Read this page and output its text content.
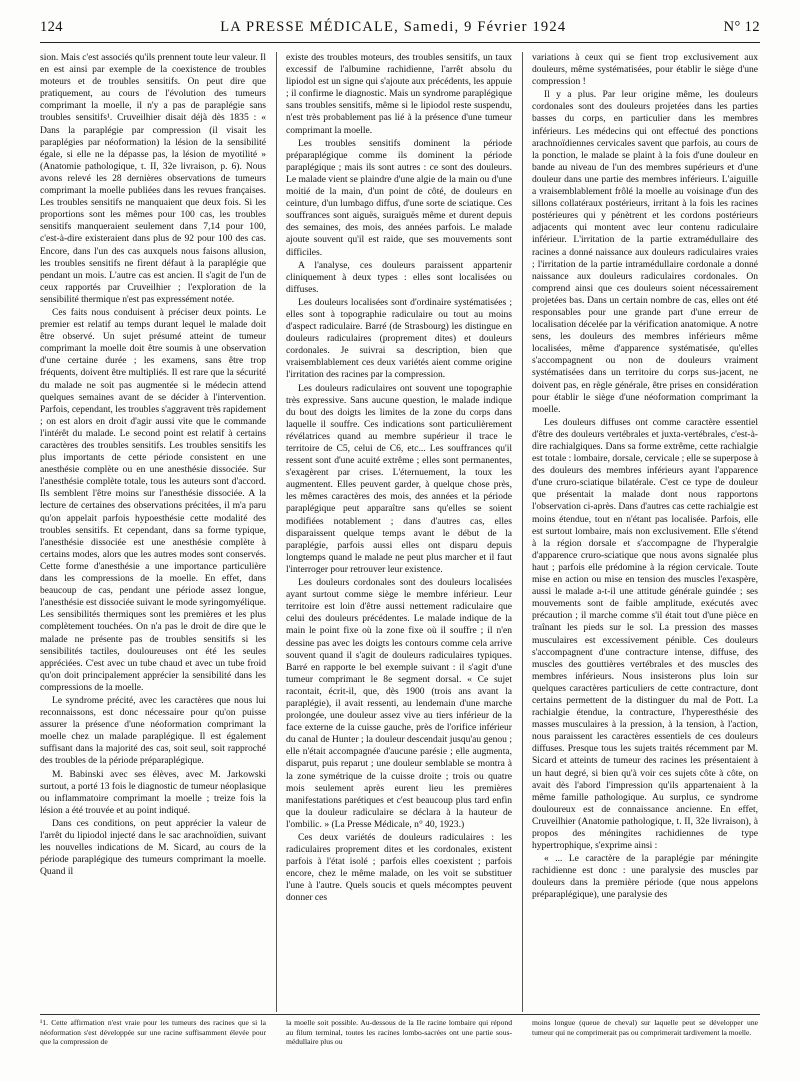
124	LA PRESSE MÉDICALE, Samedi, 9 Février 1924	N° 12

sion. Mais c'est associés qu'ils prennent toute leur valeur. Il en est ainsi par exemple de la coexistence de troubles moteurs et de troubles sensitifs. On peut dire que pratiquement, au cours de l'évolution des tumeurs comprimant la moelle, il n'y a pas de paraplégie sans troubles sensitifs¹. Cruveilhier disait déjà dès 1835 : « Dans la paraplégie par compression (il visait les paraplégies par néoformation) la lésion de la sensibilité égale, si elle ne la dépasse pas, la lésion de myotilité » (Anatomie pathologique, t. II, 32e livraison, p. 6). Nous avons relevé les 28 dernières observations de tumeurs comprimant la moelle publiées dans les revues françaises. Les troubles sensitifs ne manquaient que deux fois. Si les proportions sont les mêmes pour 100 cas, les troubles sensitifs manqueraient seulement dans 7,14 pour 100, c'est-à-dire existeraient dans plus de 92 pour 100 des cas. Encore, dans l'un des cas auxquels nous faisons allusion, les troubles sensitifs ne firent défaut à la paraplégie que pendant un mois. L'autre cas est ancien. Il s'agit de l'un de ceux rapportés par Cruveilhier ; l'exploration de la sensibilité thermique n'est pas expressément notée.

Ces faits nous conduisent à préciser deux points. Le premier est relatif au temps durant lequel le malade doit être observé. Un sujet présumé atteint de tumeur comprimant la moelle doit être soumis à une observation d'une certaine durée ; les examens, sans être trop fréquents, doivent être multipliés. Il est rare que la sécurité du malade ne soit pas augmentée si le médecin attend quelques semaines avant de se décider à l'intervention. Parfois, cependant, les troubles s'aggravent très rapidement ; on est alors en droit d'agir aussi vite que le commande l'intérêt du malade. Le second point est relatif à certains caractères des troubles sensitifs. Les troubles sensitifs les plus importants de cette période consistent en une anesthésie complète ou en une anesthésie dissociée. Sur l'anesthésie complète totale, tous les auteurs sont d'accord. Ils semblent l'être moins sur l'anesthésie dissociée. A la lecture de certaines des observations précitées, il m'a paru qu'on appelait parfois hypoesthésie cette modalité des troubles sensitifs. Et cependant, dans sa forme typique, l'anesthésie dissociée est une anesthésie complète à certains modes, alors que les autres modes sont conservés. Cette forme d'anesthésie a une importance particulière dans les compressions de la moelle. En effet, dans beaucoup de cas, pendant une période assez longue, l'anesthésie est dissociée suivant le mode syringomyélique. Les sensibilités thermiques sont les premières et les plus complètement touchées. On n'a pas le droit de dire que le malade ne présente pas de troubles sensitifs si les sensibilités tactiles, douloureuses ont été les seules appréciées. C'est avec un tube chaud et avec un tube froid qu'on doit principalement apprécier la sensibilité dans les compressions de la moelle.

Le syndrome précité, avec les caractères que nous lui reconnaissons, est donc nécessaire pour qu'on puisse assurer la présence d'une néoformation comprimant la moelle chez un malade paraplégique. Il est également suffisant dans la majorité des cas, soit seul, soit rapproché des troubles de la période préparaplégique.

M. Babinski avec ses élèves, avec M. Jarkowski surtout, a porté 13 fois le diagnostic de tumeur néoplasique ou inflammatoire comprimant la moelle ; treize fois la lésion a été trouvée et au point indiqué.

Dans ces conditions, on peut apprécier la valeur de l'arrêt du lipiodol injecté dans le sac arachnoïdien, suivant les nouvelles indications de M. Sicard, au cours de la période paraplégique des tumeurs comprimant la moelle. Quand il

existe des troubles moteurs, des troubles sensitifs, un taux excessif de l'albumine rachidienne, l'arrêt absolu du lipiodol est un signe qui s'ajoute aux précédents, les appuie ; il confirme le diagnostic. Mais un syndrome paraplégique sans troubles sensitifs, même si le lipiodol reste suspendu, n'est très probablement pas lié à la présence d'une tumeur comprimant la moelle.

Les troubles sensitifs dominent la période préparaplégique comme ils dominent la période paraplégique ; mais ils sont autres : ce sont des douleurs. Le malade vient se plaindre d'une algie de la main ou d'une moitié de la main, d'un point de côté, de douleurs en ceinture, d'un lumbago diffus, d'une sorte de sciatique. Ces souffrances sont aiguës, suraiguës même et durent depuis des semaines, des mois, des années parfois. Le malade ajoute souvent qu'il est raide, que ses mouvements sont difficiles.

A l'analyse, ces douleurs paraissent appartenir cliniquement à deux types : elles sont localisées ou diffuses.

Les douleurs localisées sont d'ordinaire systématisées ; elles sont à topographie radiculaire ou tout au moins d'aspect radiculaire. Barré (de Strasbourg) les distingue en douleurs radiculaires (proprement dites) et douleurs cordonales. Je suivrai sa description, bien que vraisemblablement ces deux variétés aient comme origine l'irritation des racines par la compression.

Les douleurs radiculaires ont souvent une topographie très expressive. Sans aucune question, le malade indique du bout des doigts les limites de la zone du corps dans laquelle il souffre. Ces indications sont particulièrement révélatrices quand au membre supérieur il trace le territoire de C5, celui de C6, etc... Les souffrances qu'il ressent sont d'une acuité extrême ; elles sont permanentes, s'exagèrent par crises. L'éternuement, la toux les augmentent. Elles peuvent garder, à quelque chose près, les mêmes caractères des mois, des années et la période paraplégique peut apparaître sans qu'elles se soient modifiées notablement ; dans d'autres cas, elles disparaissent quelque temps avant le début de la paraplégie, parfois aussi elles ont disparu depuis longtemps quand le malade ne peut plus marcher et il faut l'interroger pour retrouver leur existence.

Les douleurs cordonales sont des douleurs localisées ayant surtout comme siège le membre inférieur. Leur territoire est loin d'être aussi nettement radiculaire que celui des douleurs précédentes. Le malade indique de la main le point fixe où la zone fixe où il souffre ; il n'en dessine pas avec les doigts les contours comme cela arrive souvent quand il s'agit de douleurs radiculaires typiques. Barré en rapporte le bel exemple suivant : il s'agit d'une tumeur comprimant le 8e segment dorsal. « Ce sujet racontait, écrit-il, que, dès 1900 (trois ans avant la paraplégie), il avait ressenti, au lendemain d'une marche prolongée, une douleur assez vive au tiers inférieur de la face externe de la cuisse gauche, près de l'orifice inférieur du canal de Hunter ; la douleur descendait jusqu'au genou ; elle n'était accompagnée d'aucune parésie ; elle augmenta, disparut, puis reparut ; une douleur semblable se montra à la zone symétrique de la cuisse droite ; trois ou quatre mois seulement après eurent lieu les premières manifestations parétiques et c'est beaucoup plus tard enfin que la douleur radiculaire se déclara à la hauteur de l'ombilic. » (La Presse Médicale, n° 40, 1923.)

Ces deux variétés de douleurs radiculaires : les radiculaires proprement dites et les cordonales, existent parfois à l'état isolé ; parfois elles coexistent ; parfois encore, chez le même malade, on les voit se substituer l'une à l'autre. Quels soucis et quels mécomptes peuvent donner ces

variations à ceux qui se fient trop exclusivement aux douleurs, même systématisées, pour établir le siège d'une compression !

Il y a plus. Par leur origine même, les douleurs cordonales sont des douleurs projetées dans les parties basses du corps, en particulier dans les membres inférieurs. Les médecins qui ont effectué des ponctions arachnoïdiennes cervicales savent que parfois, au cours de la ponction, le malade se plaint à la fois d'une douleur en bande au niveau de l'un des membres supérieurs et d'une douleur dans une partie des membres inférieurs. L'aiguille a vraisemblablement frôlé la moelle au voisinage d'un des sillons collatéraux postérieurs, irritant à la fois les racines postérieures qui y pénètrent et les cordons postérieurs adjacents qui montent avec leur contenu radiculaire inférieur. L'irritation de la partie extramédullaire des racines a donné naissance aux douleurs radiculaires vraies ; l'irritation de la partie intramédullaire cordonale a donné naissance aux douleurs radiculaires cordonales. On comprend ainsi que ces douleurs soient nécessairement projetées bas. Dans un certain nombre de cas, elles ont été responsables pour une grande part d'une erreur de localisation décelée par la vérification anatomique. A notre sens, les douleurs des membres inférieurs même localisées, même d'apparence systématisée, qu'elles s'accompagnent ou non de douleurs vraiment systématisées dans un territoire du corps sus-jacent, ne doivent pas, en règle générale, être prises en considération pour établir le siège d'une néoformation comprimant la moelle.

Les douleurs diffuses ont comme caractère essentiel d'être des douleurs vertébrales et juxta-vertébrales, c'est-à-dire rachialgiques. Dans sa forme extrême, cette rachialgie est totale : lombaire, dorsale, cervicale ; elle se superpose à des douleurs des membres inférieurs ayant l'apparence d'une cruro-sciatique bilatérale. C'est ce type de douleur que présentait la malade dont nous rapportons l'observation ci-après. Dans d'autres cas cette rachialgie est moins étendue, tout en n'étant pas localisée. Parfois, elle est surtout lombaire, mais non exclusivement. Elle s'étend à la région dorsale et s'accompagne de l'hyperalgie d'apparence cruro-sciatique que nous avons signalée plus haut ; parfois elle prédomine à la région cervicale. Toute mise en action ou mise en tension des muscles l'exaspère, aussi le malade a-t-il une attitude générale guindée ; ses mouvements sont de faible amplitude, exécutés avec précaution ; il marche comme s'il était tout d'une pièce en traînant les pieds sur le sol. La pression des masses musculaires est excessivement pénible. Ces douleurs s'accompagnent d'une contracture intense, diffuse, des muscles des gouttières vertébrales et des muscles des membres inférieurs. Nous insisterons plus loin sur quelques caractères particuliers de cette contracture, dont certains permettent de la distinguer du mal de Pott. La rachialgie étendue, la contracture, l'hyperesthésie des masses musculaires à la pression, à la tension, à l'action, nous paraissent les caractères essentiels de ces douleurs diffuses. Presque tous les sujets traités récemment par M. Sicard et atteints de tumeur des racines les présentaient à un haut degré, si bien qu'à voir ces sujets côte à côte, on avait dès l'abord l'impression qu'ils appartenaient à la même famille pathologique. Au surplus, ce syndrome douloureux est de connaissance ancienne. En effet, Cruveilhier (Anatomie pathologique, t. II, 32e livraison), à propos des méningites rachidiennes de type hypertrophique, s'exprime ainsi :

« ... Le caractère de la paraplégie par méningite rachidienne est donc : une paralysie des muscles par douleurs dans la première période (que nous appelons préparaplégique), une paralysie des

¹1. Cette affirmation n'est vraie pour les tumeurs des racines que si la néoformation s'est développée sur une racine suffisamment élevée pour que la compression de
la moelle soit possible. Au-dessous de la IIe racine lombaire qui répond au filum terminal, toutes les racines lombo-sacrées ont une partie sous-médullaire plus ou
moins longue (queue de cheval) sur laquelle peut se développer une tumeur qui ne comprimerait pas ou comprimerait tardivement la moelle.
